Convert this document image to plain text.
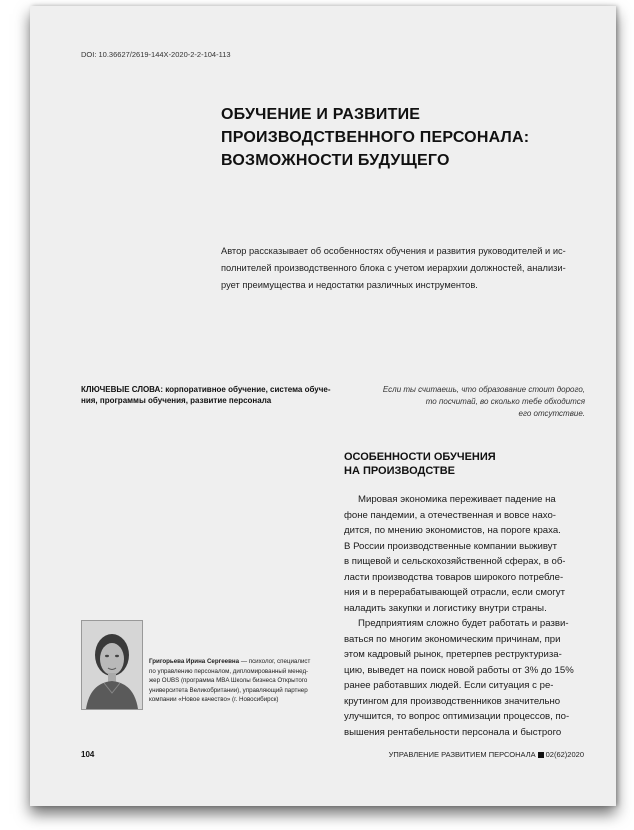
DOI: 10.36627/2619-144X-2020-2-2-104-113
ОБУЧЕНИЕ И РАЗВИТИЕ
ПРОИЗВОДСТВЕННОГО ПЕРСОНАЛА:
ВОЗМОЖНОСТИ БУДУЩЕГО
Автор рассказывает об особенностях обучения и развития руководителей и ис-
полнителей производственного блока с учетом иерархии должностей, анализи-
рует преимущества и недостатки различных инструментов.
КЛЮЧЕВЫЕ СЛОВА: корпоративное обучение, система обуче-
ния, программы обучения, развитие персонала
Если ты считаешь, что образование стоит дорого,
то посчитай, во сколько тебе обходится
его отсутствие.
ОСОБЕННОСТИ ОБУЧЕНИЯ
НА ПРОИЗВОДСТВЕ
Мировая экономика переживает падение на
фоне пандемии, а отечественная и вовсе нахо-
дится, по мнению экономистов, на пороге краха.
В России производственные компании выживут
в пищевой и сельскохозяйственной сферах, в об-
ласти производства товаров широкого потребле-
ния и в перерабатывающей отрасли, если смогут
наладить закупки и логистику внутри страны.
Предприятиям сложно будет работать и разви-
ваться по многим экономическим причинам, при
этом кадровый рынок, претерпев реструктуриза-
цию, выведет на поиск новой работы от 3% до 15%
ранее работавших людей. Если ситуация с ре-
крутингом для производственников значительно
улучшится, то вопрос оптимизации процессов, по-
вышения рентабельности персонала и быстрого
Григорьева Ирина Сергеевна — психолог, специалист
по управлению персоналом, дипломированный менед-
жер OUBS (программа MBA Школы бизнеса Открытого
университета Великобритании), управляющий партнер
компании «Новое качество» (г. Новосибирск)
104	УПРАВЛЕНИЕ РАЗВИТИЕМ ПЕРСОНАЛА 02(62)2020
